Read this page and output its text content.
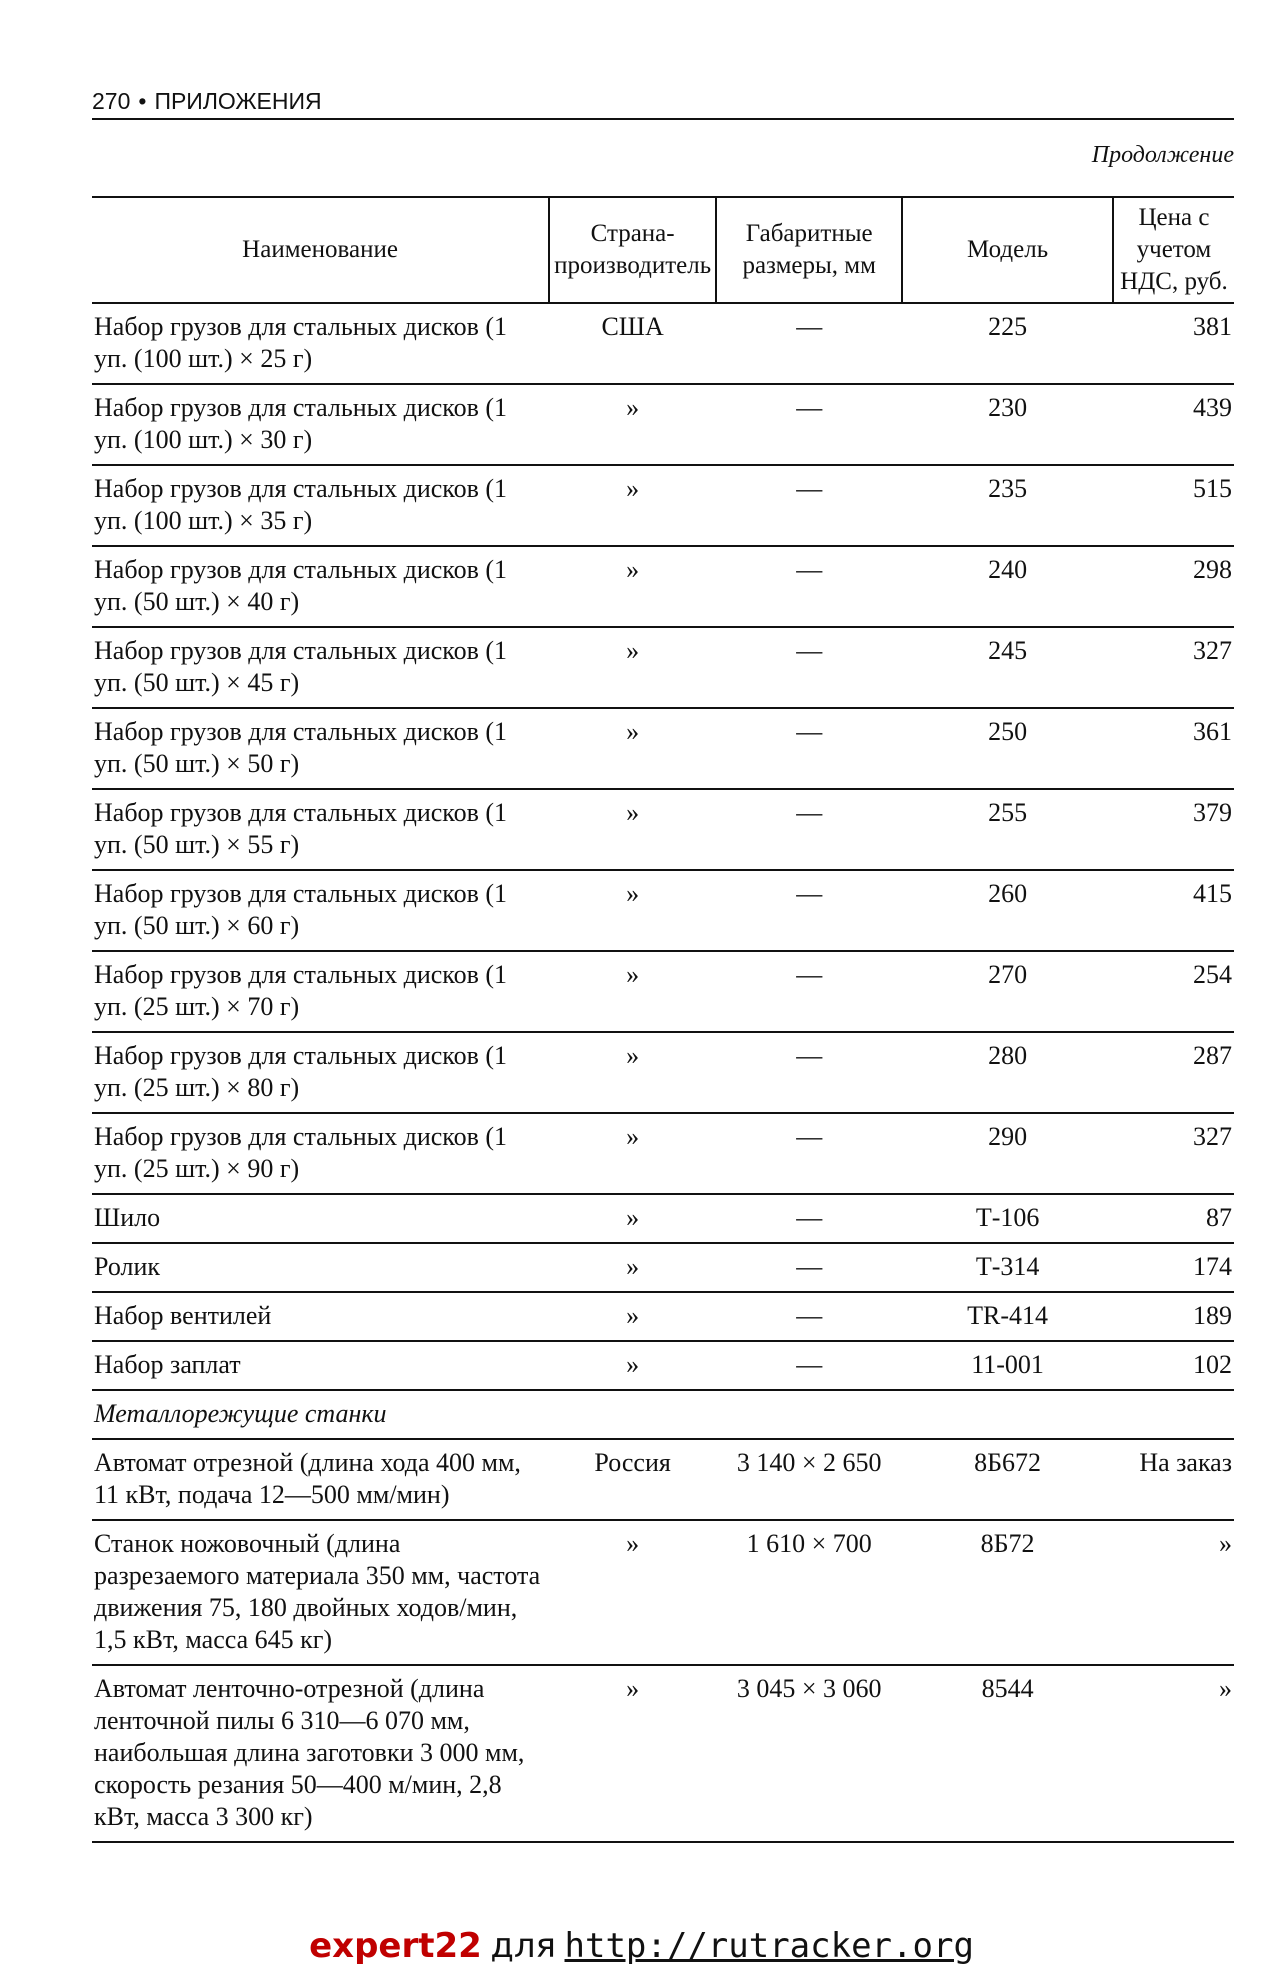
270 • ПРИЛОЖЕНИЯ
Продолжение
Наименование	Страна-производитель	Габаритные размеры, мм	Модель	Цена с учетом НДС, руб.
Набор грузов для стальных дисков (1 уп. (100 шт.) × 25 г)	США	—	225	381
Набор грузов для стальных дисков (1 уп. (100 шт.) × 30 г)	»	—	230	439
Набор грузов для стальных дисков (1 уп. (100 шт.) × 35 г)	»	—	235	515
Набор грузов для стальных дисков (1 уп. (50 шт.) × 40 г)	»	—	240	298
Набор грузов для стальных дисков (1 уп. (50 шт.) × 45 г)	»	—	245	327
Набор грузов для стальных дисков (1 уп. (50 шт.) × 50 г)	»	—	250	361
Набор грузов для стальных дисков (1 уп. (50 шт.) × 55 г)	»	—	255	379
Набор грузов для стальных дисков (1 уп. (50 шт.) × 60 г)	»	—	260	415
Набор грузов для стальных дисков (1 уп. (25 шт.) × 70 г)	»	—	270	254
Набор грузов для стальных дисков (1 уп. (25 шт.) × 80 г)	»	—	280	287
Набор грузов для стальных дисков (1 уп. (25 шт.) × 90 г)	»	—	290	327
Шило	»	—	Т-106	87
Ролик	»	—	Т-314	174
Набор вентилей	»	—	TR-414	189
Набор заплат	»	—	11-001	102
Металлорежущие станки				
Автомат отрезной (длина хода 400 мм, 11 кВт, подача 12—500 мм/мин)	Россия	3 140 × 2 650	8Б672	На заказ
Станок ножовочный (длина разрезаемого материала 350 мм, частота движения 75, 180 двойных ходов/мин, 1,5 кВт, масса 645 кг)	»	1 610 × 700	8Б72	»
Автомат ленточно-отрезной (длина ленточной пилы 6 310—6 070 мм, наибольшая длина заготовки 3 000 мм, скорость резания 50—400 м/мин, 2,8 кВт, масса 3 300 кг)	»	3 045 × 3 060	8544	»
expert22 для http://rutracker.org
